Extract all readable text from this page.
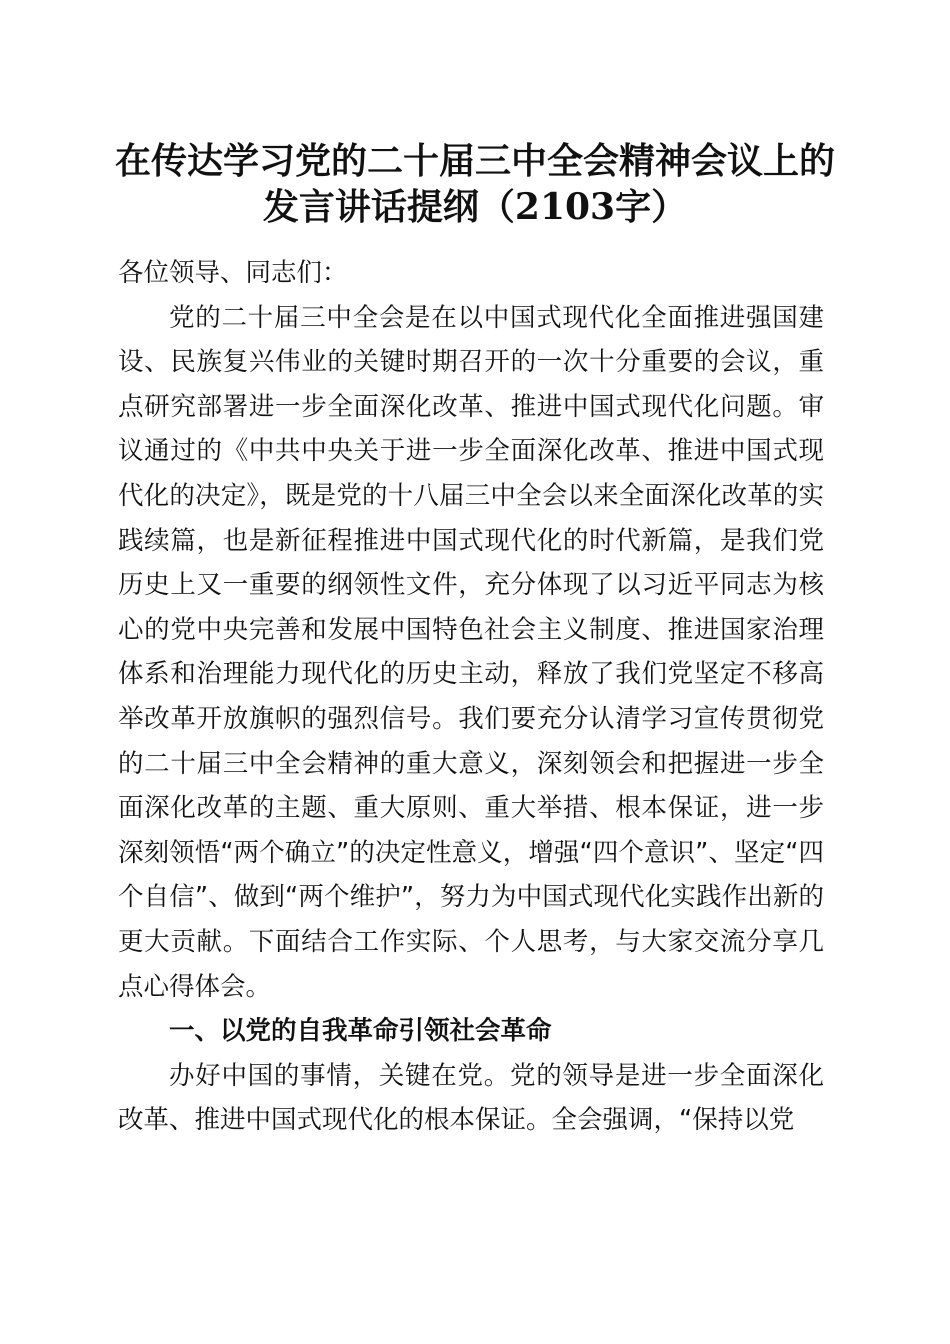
在传达学习党的二十届三中全会精神会议上的
发言讲话提纲（2103字）

各位领导、同志们：

党的二十届三中全会是在以中国式现代化全面推进强国建设、民族复兴伟业的关键时期召开的一次十分重要的会议，重点研究部署进一步全面深化改革、推进中国式现代化问题。审议通过的《中共中央关于进一步全面深化改革、推进中国式现代化的决定》，既是党的十八届三中全会以来全面深化改革的实践续篇，也是新征程推进中国式现代化的时代新篇，是我们党历史上又一重要的纲领性文件，充分体现了以习近平同志为核心的党中央完善和发展中国特色社会主义制度、推进国家治理体系和治理能力现代化的历史主动，释放了我们党坚定不移高举改革开放旗帜的强烈信号。我们要充分认清学习宣传贯彻党的二十届三中全会精神的重大意义，深刻领会和把握进一步全面深化改革的主题、重大原则、重大举措、根本保证，进一步深刻领悟“两个确立”的决定性意义，增强“四个意识”、坚定“四个自信”、做到“两个维护”，努力为中国式现代化实践作出新的更大贡献。下面结合工作实际、个人思考，与大家交流分享几点心得体会。

一、以党的自我革命引领社会革命

办好中国的事情，关键在党。党的领导是进一步全面深化改革、推进中国式现代化的根本保证。全会强调，“保持以党
